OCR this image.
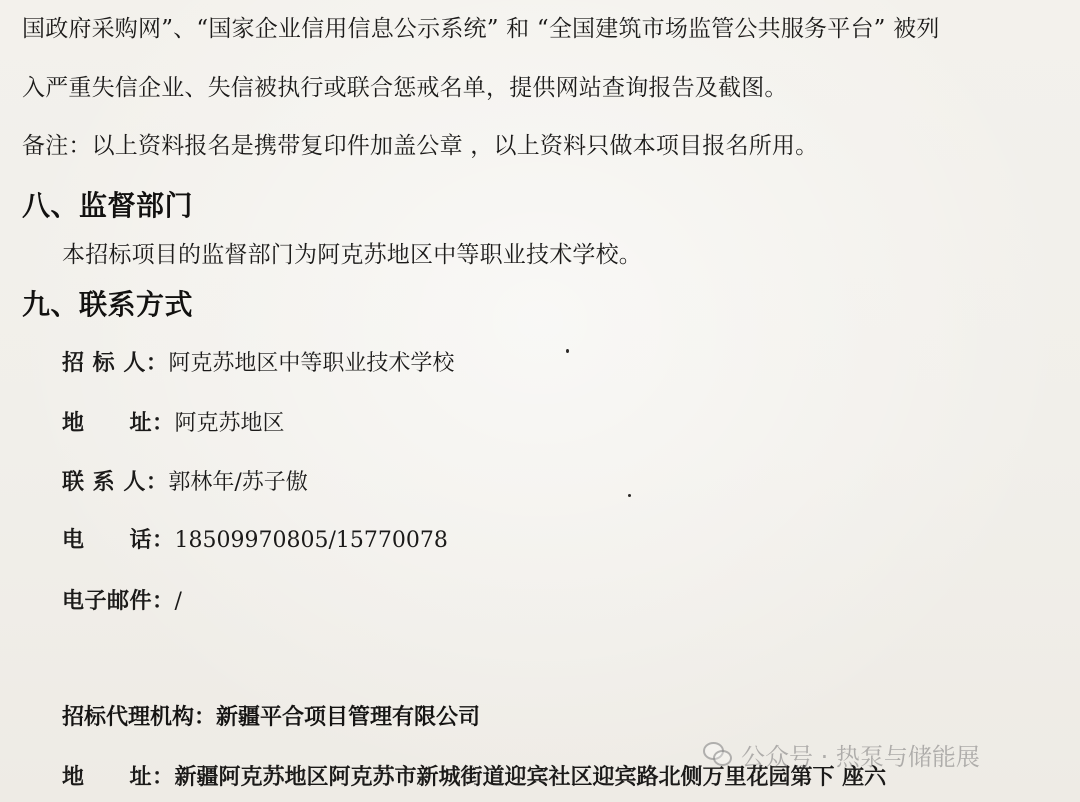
国政府采购网”、“国家企业信用信息公示系统” 和 “全国建筑市场监管公共服务平台” 被列
入严重失信企业、失信被执行或联合惩戒名单，提供网站查询报告及截图。
备注：以上资料报名是携带复印件加盖公章 ，以上资料只做本项目报名所用。
八、监督部门
本招标项目的监督部门为阿克苏地区中等职业技术学校。
九、联系方式
招 标 人：阿克苏地区中等职业技术学校
地　　址：阿克苏地区
联 系 人：郭林年/苏子傲
电　　话：18509970805/15770078
电子邮件：/
招标代理机构：新疆平合项目管理有限公司
地　　址：新疆阿克苏地区阿克苏市新城街道迎宾社区迎宾路北侧万里花园第下 座六
公众号 · 热泵与储能展
